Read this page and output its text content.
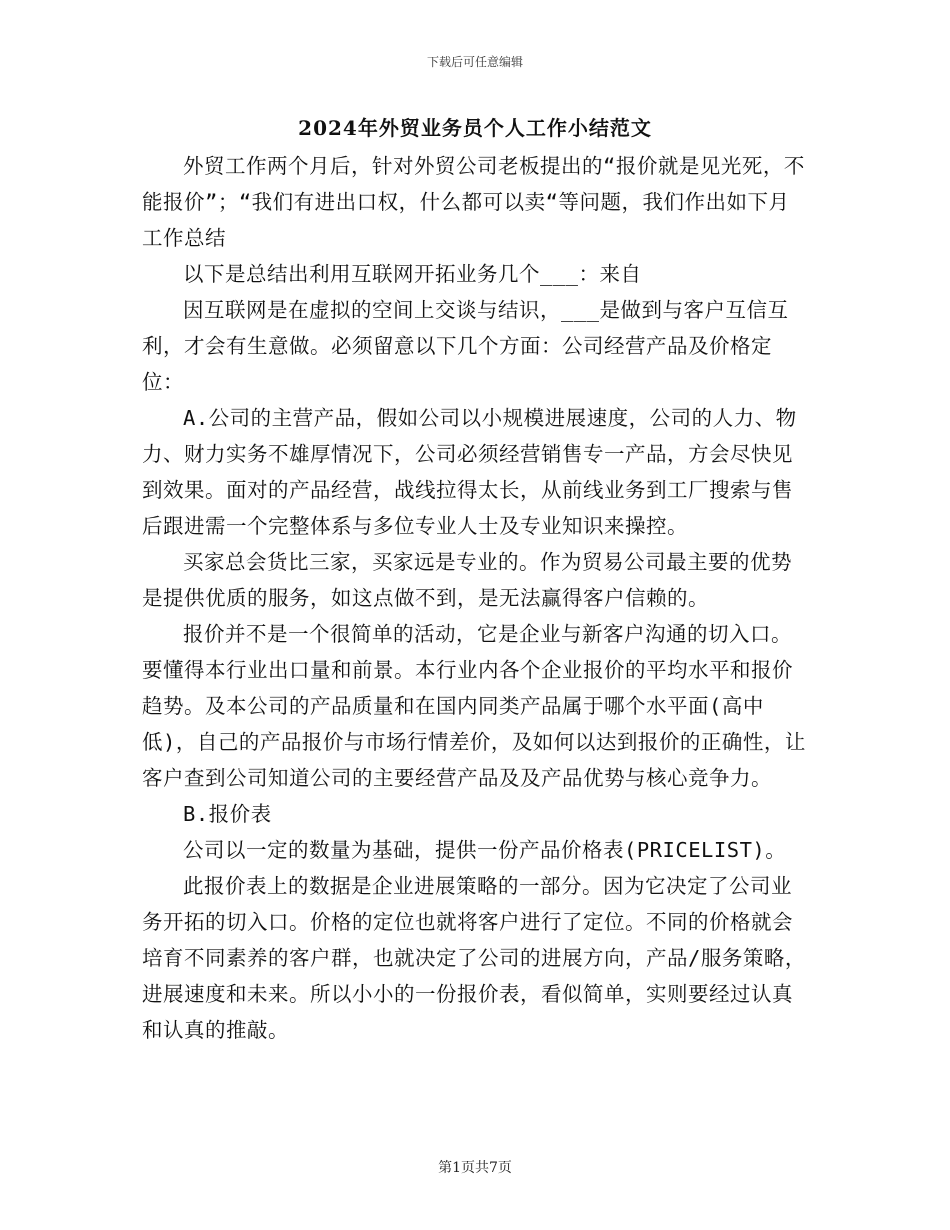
下载后可任意编辑
2024年外贸业务员个人工作小结范文

外贸工作两个月后，针对外贸公司老板提出的“报价就是见光死，不能报价”；“我们有进出口权，什么都可以卖“等问题，我们作出如下月工作总结

以下是总结出利用互联网开拓业务几个___：来自

因互联网是在虚拟的空间上交谈与结识，___是做到与客户互信互利，才会有生意做。必须留意以下几个方面：公司经营产品及价格定位：

A.公司的主营产品，假如公司以小规模进展速度，公司的人力、物力、财力实务不雄厚情况下，公司必须经营销售专一产品，方会尽快见到效果。面对的产品经营，战线拉得太长，从前线业务到工厂搜索与售后跟进需一个完整体系与多位专业人士及专业知识来操控。

买家总会货比三家，买家远是专业的。作为贸易公司最主要的优势是提供优质的服务，如这点做不到，是无法赢得客户信赖的。

报价并不是一个很简单的活动，它是企业与新客户沟通的切入口。要懂得本行业出口量和前景。本行业内各个企业报价的平均水平和报价趋势。及本公司的产品质量和在国内同类产品属于哪个水平面(高中低)，自己的产品报价与市场行情差价，及如何以达到报价的正确性，让客户查到公司知道公司的主要经营产品及及产品优势与核心竞争力。

B.报价表

公司以一定的数量为基础，提供一份产品价格表(PRICELIST)。

此报价表上的数据是企业进展策略的一部分。因为它决定了公司业务开拓的切入口。价格的定位也就将客户进行了定位。不同的价格就会培育不同素养的客户群，也就决定了公司的进展方向，产品/服务策略，进展速度和未来。所以小小的一份报价表，看似简单，实则要经过认真和认真的推敲。

第1页共7页
